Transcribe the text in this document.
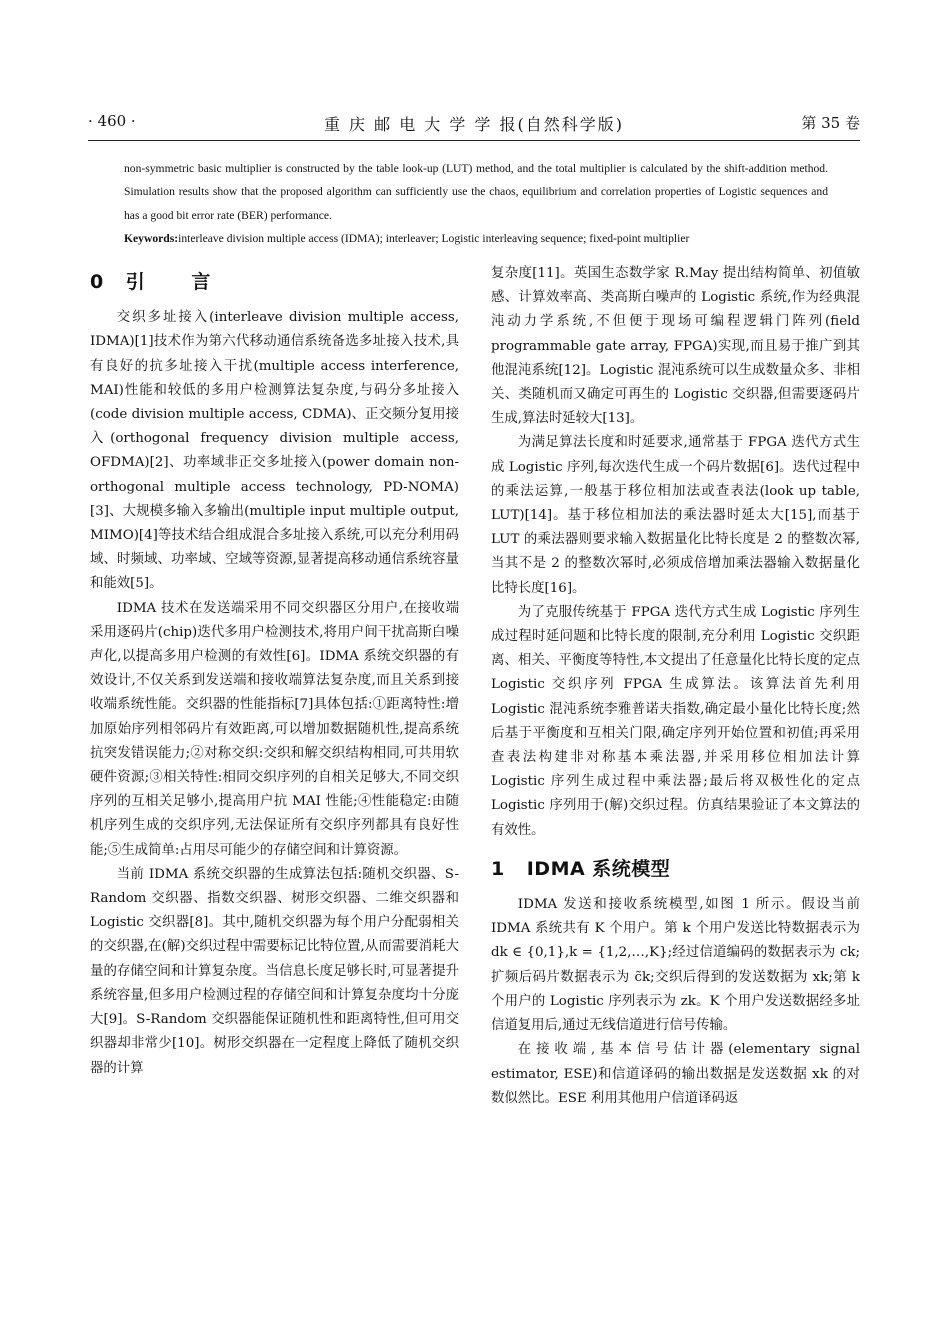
· 460 ·	重 庆 邮 电 大 学 学 报(自然科学版)	第 35 卷

non-symmetric basic multiplier is constructed by the table look-up (LUT) method, and the total multiplier is calculated by the shift-addition method. Simulation results show that the proposed algorithm can sufficiently use the chaos, equilibrium and correlation properties of Logistic sequences and has a good bit error rate (BER) performance.

Keywords:interleave division multiple access (IDMA); interleaver; Logistic interleaving sequence; fixed-point multiplier

0 引 言

交织多址接入(interleave division multiple access, IDMA)[1]技术作为第六代移动通信系统备选多址接入技术,具有良好的抗多址接入干扰(multiple access interference, MAI)性能和较低的多用户检测算法复杂度,与码分多址接入(code division multiple access, CDMA)、正交频分复用接入(orthogonal frequency division multiple access, OFDMA)[2]、功率域非正交多址接入(power domain non-orthogonal multiple access technology, PD-NOMA)[3]、大规模多输入多输出(multiple input multiple output, MIMO)[4]等技术结合组成混合多址接入系统,可以充分利用码域、时频域、功率域、空域等资源,显著提高移动通信系统容量和能效[5]。

IDMA 技术在发送端采用不同交织器区分用户,在接收端采用逐码片(chip)迭代多用户检测技术,将用户间干扰高斯白噪声化,以提高多用户检测的有效性[6]。IDMA 系统交织器的有效设计,不仅关系到发送端和接收端算法复杂度,而且关系到接收端系统性能。交织器的性能指标[7]具体包括:①距离特性:增加原始序列相邻码片有效距离,可以增加数据随机性,提高系统抗突发错误能力;②对称交织:交织和解交织结构相同,可共用软硬件资源;③相关特性:相同交织序列的自相关足够大,不同交织序列的互相关足够小,提高用户抗 MAI 性能;④性能稳定:由随机序列生成的交织序列,无法保证所有交织序列都具有良好性能;⑤生成简单:占用尽可能少的存储空间和计算资源。

当前 IDMA 系统交织器的生成算法包括:随机交织器、S-Random 交织器、指数交织器、树形交织器、二维交织器和 Logistic 交织器[8]。其中,随机交织器为每个用户分配弱相关的交织器,在(解)交织过程中需要标记比特位置,从而需要消耗大量的存储空间和计算复杂度。当信息长度足够长时,可显著提升系统容量,但多用户检测过程的存储空间和计算复杂度均十分庞大[9]。S-Random 交织器能保证随机性和距离特性,但可用交织器却非常少[10]。树形交织器在一定程度上降低了随机交织器的计算

复杂度[11]。英国生态数学家 R.May 提出结构简单、初值敏感、计算效率高、类高斯白噪声的 Logistic 系统,作为经典混沌动力学系统,不但便于现场可编程逻辑门阵列(field programmable gate array, FPGA)实现,而且易于推广到其他混沌系统[12]。Logistic 混沌系统可以生成数量众多、非相关、类随机而又确定可再生的 Logistic 交织器,但需要逐码片生成,算法时延较大[13]。

为满足算法长度和时延要求,通常基于 FPGA 迭代方式生成 Logistic 序列,每次迭代生成一个码片数据[6]。迭代过程中的乘法运算,一般基于移位相加法或查表法(look up table, LUT)[14]。基于移位相加法的乘法器时延太大[15],而基于 LUT 的乘法器则要求输入数据量化比特长度是 2 的整数次幂,当其不是 2 的整数次幂时,必须成倍增加乘法器输入数据量化比特长度[16]。

为了克服传统基于 FPGA 迭代方式生成 Logistic 序列生成过程时延问题和比特长度的限制,充分利用 Logistic 交织距离、相关、平衡度等特性,本文提出了任意量化比特长度的定点 Logistic 交织序列 FPGA 生成算法。该算法首先利用 Logistic 混沌系统李雅普诺夫指数,确定最小量化比特长度;然后基于平衡度和互相关门限,确定序列开始位置和初值;再采用查表法构建非对称基本乘法器,并采用移位相加法计算 Logistic 序列生成过程中乘法器;最后将双极性化的定点 Logistic 序列用于(解)交织过程。仿真结果验证了本文算法的有效性。

1 IDMA 系统模型

IDMA 发送和接收系统模型,如图 1 所示。假设当前 IDMA 系统共有 K 个用户。第 k 个用户发送比特数据表示为 dk ∈ {0,1},k = {1,2,…,K};经过信道编码的数据表示为 ck;扩频后码片数据表示为 c̃k;交织后得到的发送数据为 xk;第 k 个用户的 Logistic 序列表示为 zk。K 个用户发送数据经多址信道复用后,通过无线信道进行信号传输。

在接收端,基本信号估计器(elementary signal estimator, ESE)和信道译码的输出数据是发送数据 xk 的对数似然比。ESE 利用其他用户信道译码返
